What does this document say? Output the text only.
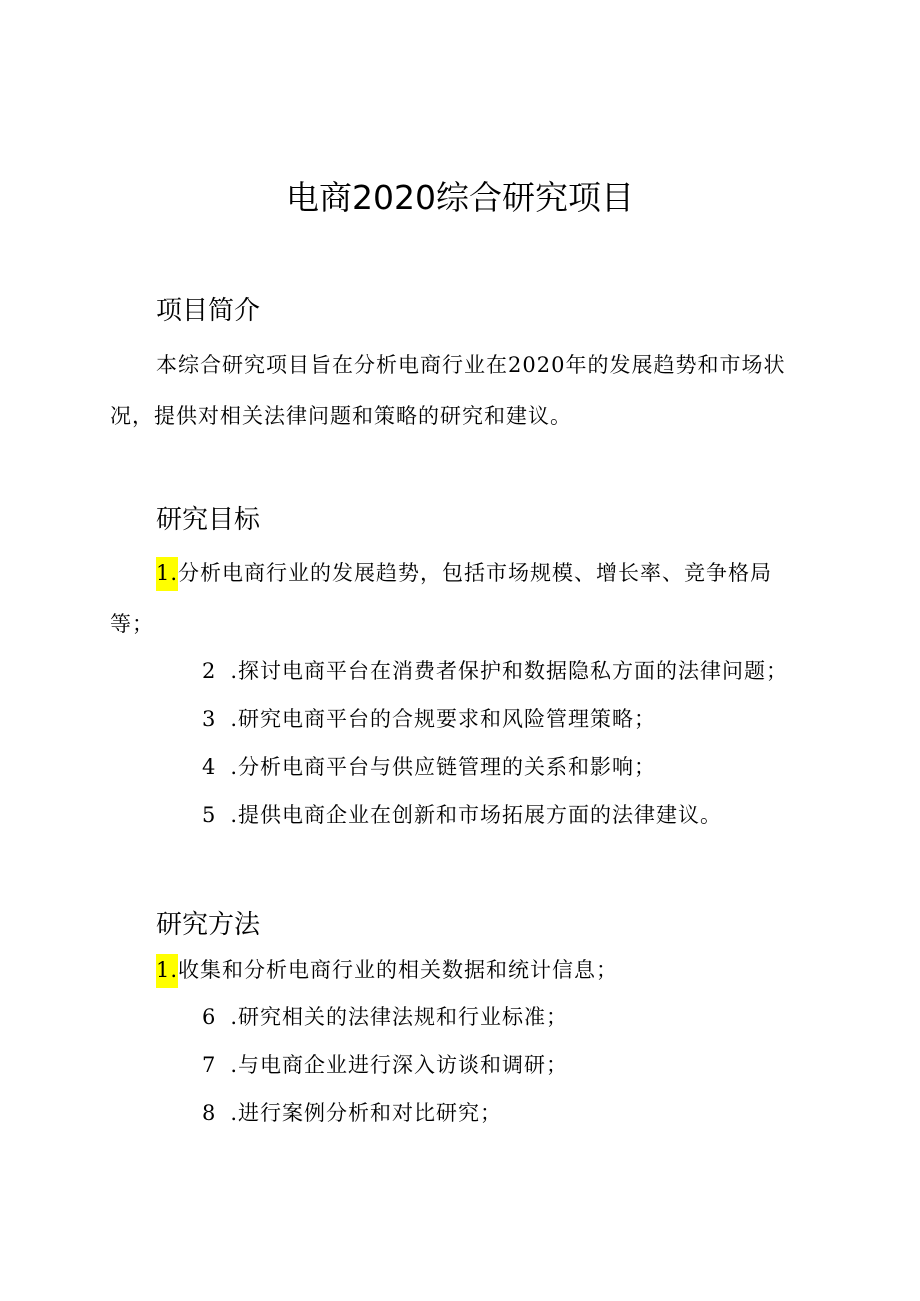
电商2020综合研究项目
项目简介

本综合研究项目旨在分析电商行业在2020年的发展趋势和市场状况，提供对相关法律问题和策略的研究和建议。

研究目标

1.分析电商行业的发展趋势，包括市场规模、增长率、竞争格局等；

2 .探讨电商平台在消费者保护和数据隐私方面的法律问题；

3 .研究电商平台的合规要求和风险管理策略；

4 .分析电商平台与供应链管理的关系和影响；

5 .提供电商企业在创新和市场拓展方面的法律建议。

研究方法

1.收集和分析电商行业的相关数据和统计信息；

6 .研究相关的法律法规和行业标准；

7 .与电商企业进行深入访谈和调研；

8 .进行案例分析和对比研究；
